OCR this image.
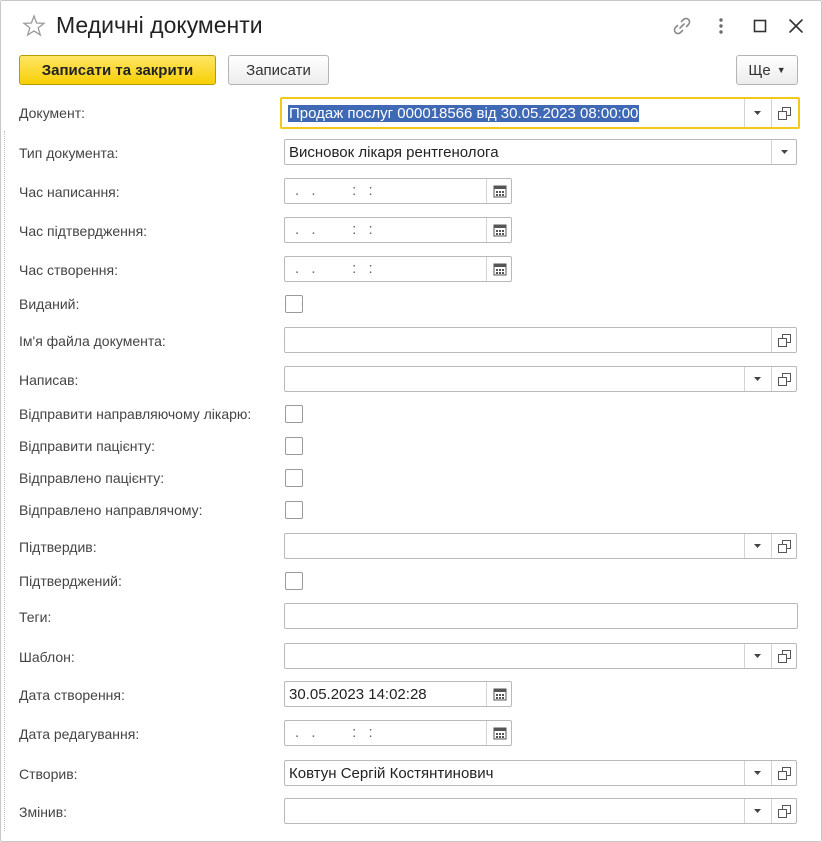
Медичні документи
Записати та закрити	Записати	Ще ▼
Документ:	Продаж послуг 000018566 від 30.05.2023 08:00:00
Тип документа:	Висновок лікаря рентгенолога
Час написання:	. .    : :
Час підтвердження:	. .    : :
Час створення:	. .    : :
Виданий:
Ім'я файла документа:
Написав:
Відправити направляючому лікарю:
Відправити пацієнту:
Відправлено пацієнту:
Відправлено направлячому:
Підтвердив:
Підтверджений:
Теги:
Шаблон:
Дата створення:	30.05.2023 14:02:28
Дата редагування:	. .    : :
Створив:	Ковтун Сергій Костянтинович
Змінив:
